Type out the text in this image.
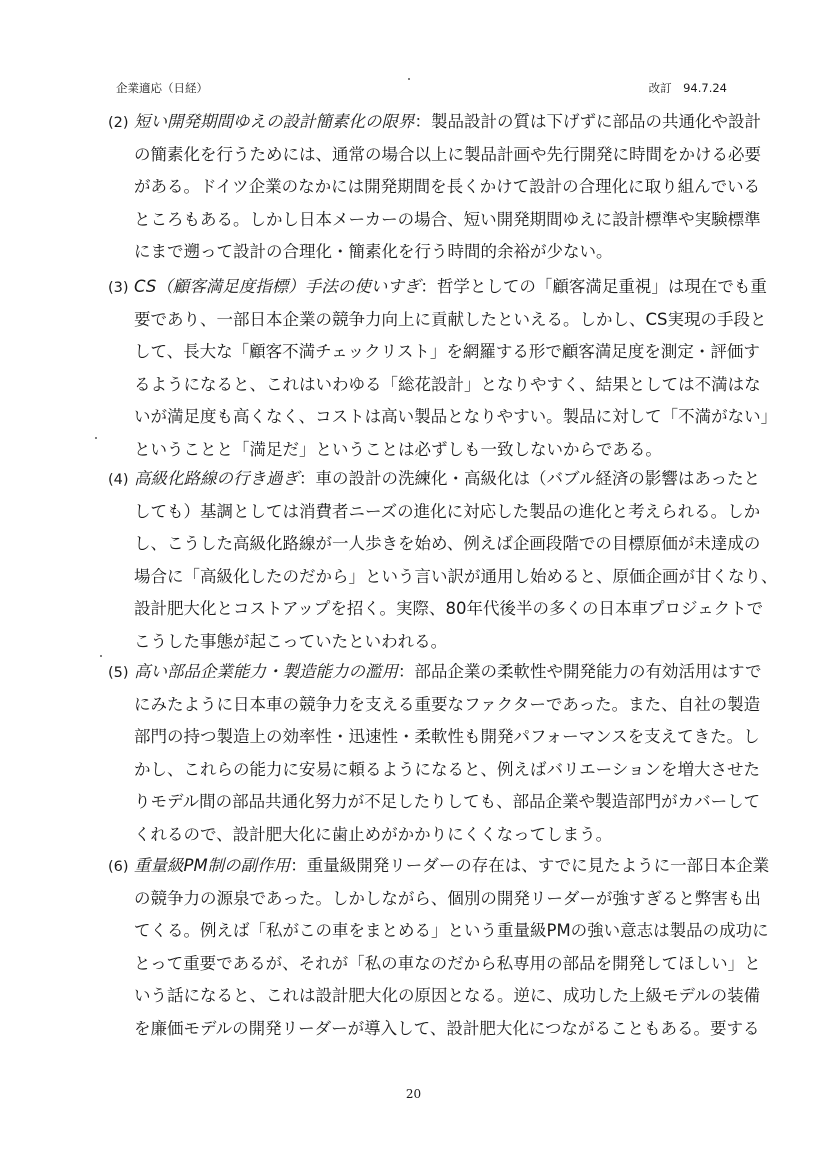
企業適応（日経）	改訂　94.7.24
(2) 短い開発期間ゆえの設計簡素化の限界：製品設計の質は下げずに部品の共通化や設計
の簡素化を行うためには、通常の場合以上に製品計画や先行開発に時間をかける必要
がある。ドイツ企業のなかには開発期間を長くかけて設計の合理化に取り組んでいる
ところもある。しかし日本メーカーの場合、短い開発期間ゆえに設計標準や実験標準
にまで遡って設計の合理化・簡素化を行う時間的余裕が少ない。
(3) CS（顧客満足度指標）手法の使いすぎ：哲学としての「顧客満足重視」は現在でも重
要であり、一部日本企業の競争力向上に貢献したといえる。しかし、CS実現の手段と
して、長大な「顧客不満チェックリスト」を網羅する形で顧客満足度を測定・評価す
るようになると、これはいわゆる「総花設計」となりやすく、結果としては不満はな
いが満足度も高くなく、コストは高い製品となりやすい。製品に対して「不満がない」
ということと「満足だ」ということは必ずしも一致しないからである。
(4) 高級化路線の行き過ぎ：車の設計の洗練化・高級化は（バブル経済の影響はあったと
しても）基調としては消費者ニーズの進化に対応した製品の進化と考えられる。しか
し、こうした高級化路線が一人歩きを始め、例えば企画段階での目標原価が未達成の
場合に「高級化したのだから」という言い訳が通用し始めると、原価企画が甘くなり、
設計肥大化とコストアップを招く。実際、80年代後半の多くの日本車プロジェクトで
こうした事態が起こっていたといわれる。
(5) 高い部品企業能力・製造能力の濫用：部品企業の柔軟性や開発能力の有効活用はすで
にみたように日本車の競争力を支える重要なファクターであった。また、自社の製造
部門の持つ製造上の効率性・迅速性・柔軟性も開発パフォーマンスを支えてきた。し
かし、これらの能力に安易に頼るようになると、例えばバリエーションを増大させた
りモデル間の部品共通化努力が不足したりしても、部品企業や製造部門がカバーして
くれるので、設計肥大化に歯止めがかかりにくくなってしまう。
(6) 重量級PM制の副作用：重量級開発リーダーの存在は、すでに見たように一部日本企業
の競争力の源泉であった。しかしながら、個別の開発リーダーが強すぎると弊害も出
てくる。例えば「私がこの車をまとめる」という重量級PMの強い意志は製品の成功に
とって重要であるが、それが「私の車なのだから私専用の部品を開発してほしい」と
いう話になると、これは設計肥大化の原因となる。逆に、成功した上級モデルの装備
を廉価モデルの開発リーダーが導入して、設計肥大化につながることもある。要する
20
